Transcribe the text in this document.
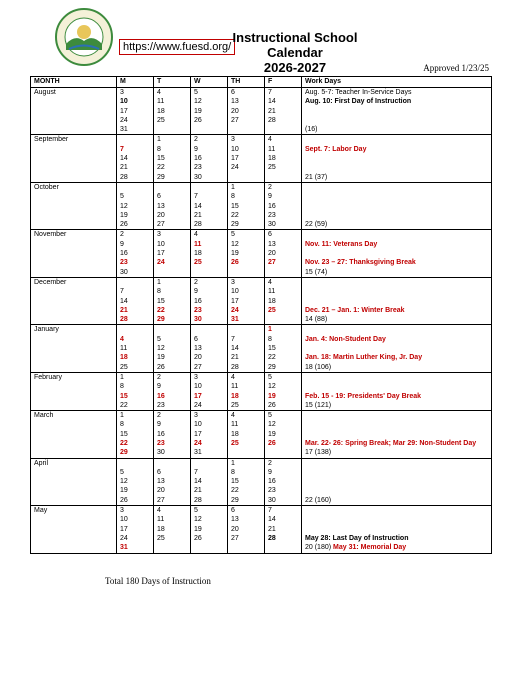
https://www.fuesd.org/
Instructional School Calendar
2026-2027	Approved 1/23/25
MONTH	M	T	W	TH	F	Work Days
August	3	4	5	6	7	Aug. 5-7: Teacher In-Service Days
	10	11	12	13	14	Aug. 10: First Day of Instruction
	17	18	19	20	21	
	24	25	26	27	28	
	31					(16)
September		1	2	3	4	
	7	8	9	10	11	Sept. 7: Labor Day
	14	15	16	17	18	
	21	22	23	24	25	
	28	29	30			21 (37)
October				1	2	
	5	6	7	8	9	
	12	13	14	15	16	
	19	20	21	22	23	
	26	27	28	29	30	22 (59)
November	2	3	4	5	6	
	9	10	11	12	13	Nov. 11: Veterans Day
	16	17	18	19	20	
	23	24	25	26	27	Nov. 23 – 27: Thanksgiving Break
	30					15 (74)
December		1	2	3	4	
	7	8	9	10	11	
	14	15	16	17	18	
	21	22	23	24	25	Dec. 21 – Jan. 1: Winter Break
	28	29	30	31		14 (88)
January					1	
	4	5	6	7	8	Jan. 4: Non-Student Day
	11	12	13	14	15	
	18	19	20	21	22	Jan. 18: Martin Luther King, Jr. Day
	25	26	27	28	29	18 (106)
February	1	2	3	4	5	
	8	9	10	11	12	
	15	16	17	18	19	Feb. 15 - 19: Presidents' Day Break
	22	23	24	25	26	15 (121)
March	1	2	3	4	5	
	8	9	10	11	12	
	15	16	17	18	19	
	22	23	24	25	26	Mar. 22- 26: Spring Break; Mar 29: Non-Student Day
	29	30	31			17 (138)
April				1	2	
	5	6	7	8	9	
	12	13	14	15	16	
	19	20	21	22	23	
	26	27	28	29	30	22 (160)
May	3	4	5	6	7	
	10	11	12	13	14	
	17	18	19	20	21	
	24	25	26	27	28	May 28: Last Day of Instruction
	31					20 (180) May 31: Memorial Day
Total 180 Days of Instruction
